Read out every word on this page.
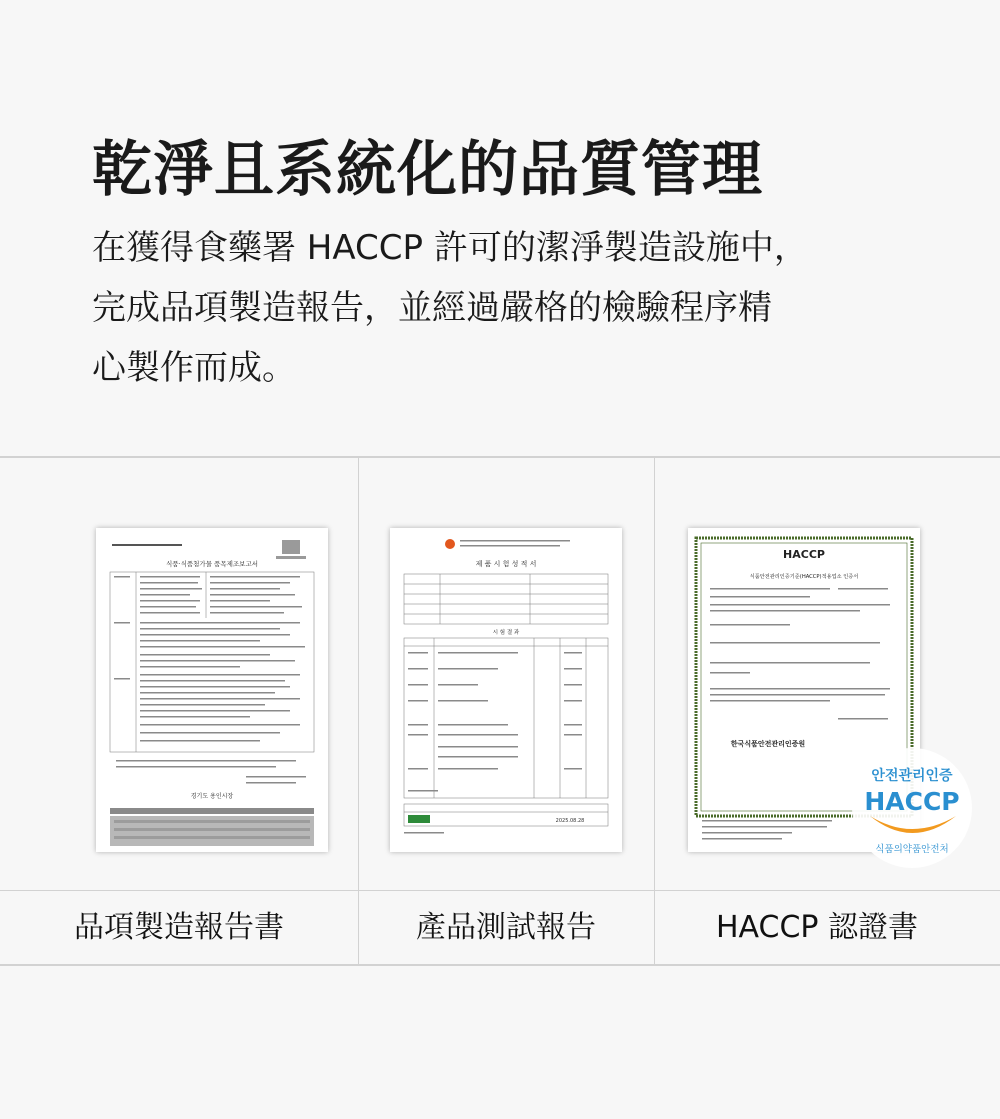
乾淨且系統化的品質管理
在獲得食藥署 HACCP 許可的潔淨製造設施中，
完成品項製造報告，並經過嚴格的檢驗程序精
心製作而成。
식품·식품첨가물 품목제조보고서
경기도 용인시장
品項製造報告書
제 품 시 험 성 적 서
시 험 결 과
2025.08.28
產品測試報告
HACCP
식품안전관리인증기준(HACCP)적용업소 인증서
한국식품안전관리인증원
안전관리인증
HACCP
식품의약품안전처
HACCP 認證書
